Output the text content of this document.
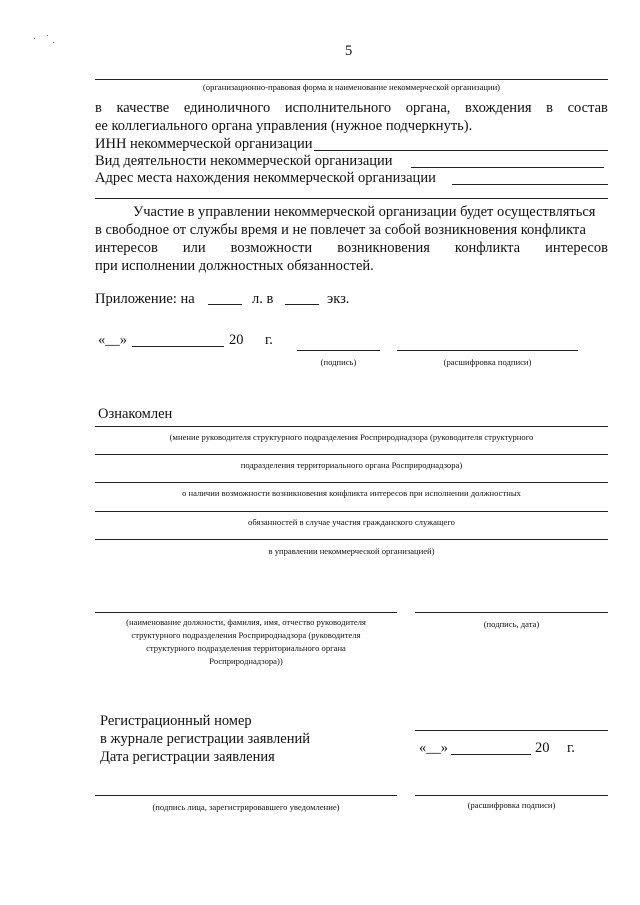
5
(организационно-правовая форма и наименование некоммерческой организации)
в качестве единоличного исполнительного органа, вхождения в состав
ее коллегиального органа управления (нужное подчеркнуть).
ИНН некоммерческой организации
Вид деятельности некоммерческой организации
Адрес места нахождения некоммерческой организации
Участие в управлении некоммерческой организации будет осуществляться
в свободное от службы время и не повлечет за собой возникновения конфликта
интересов или возможности возникновения конфликта интересов
при исполнении должностных обязанностей.
Приложение: на	л. в	экз.
«__»	20 г.
(подпись)	(расшифровка подписи)
Ознакомлен
(мнение руководителя структурного подразделения Росприроднадзора (руководителя структурного
подразделения территориального органа Росприроднадзора)
о наличии возможности возникновения конфликта интересов при исполнении должностных
обязанностей в случае участия гражданского служащего
в управлении некоммерческой организацией)
(наименование должности, фамилия, имя, отчество руководителя
структурного подразделения Росприроднадзора (руководителя
структурного подразделения территориального органа
Росприроднадзора))
(подпись, дата)
Регистрационный номер
в журнале регистрации заявлений
Дата регистрации заявления
«__»	20 г.
(подпись лица, зарегистрировавшего уведомление)	(расшифровка подписи)
